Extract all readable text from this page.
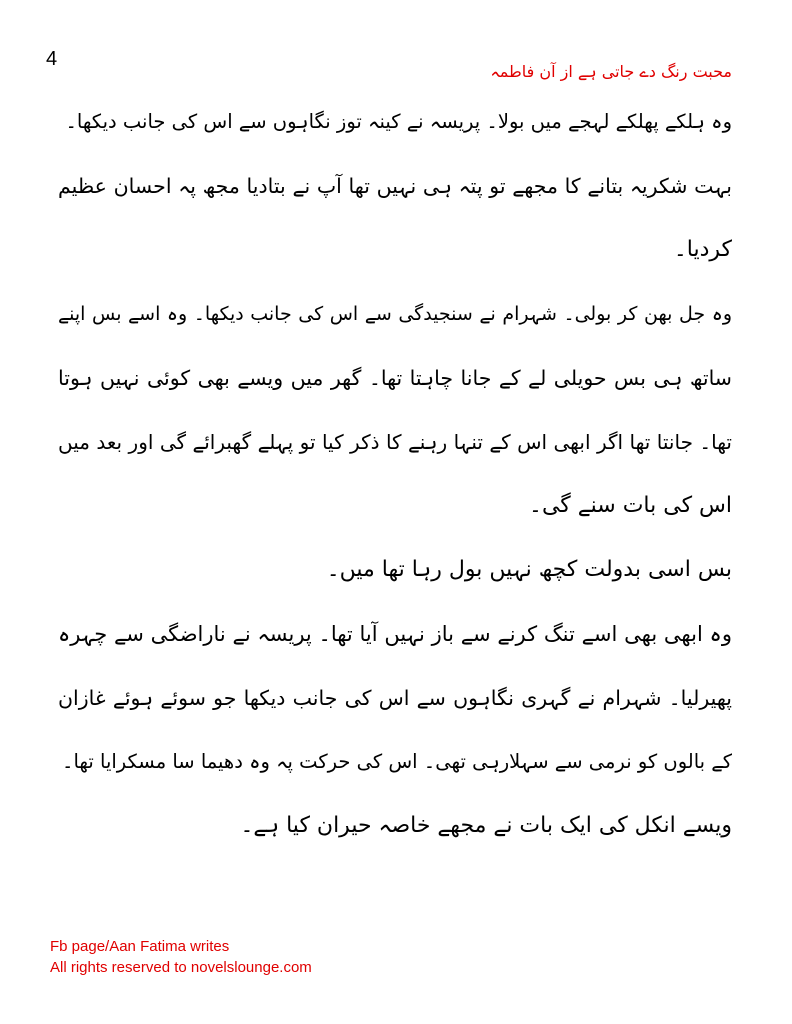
4
محبت رنگ دے جاتی ہے از آن فاطمہ
وہ ہلکے پھلکے لہجے میں بولا۔ پریسہ نے کینہ توز نگاہوں سے اس کی جانب دیکھا۔
بہت شکریہ بتانے کا مجھے تو پتہ ہی نہیں تھا آپ نے بتادیا مجھ پہ احسان عظیم
کردیا۔
وہ جل بھن کر بولی۔ شہرام نے سنجیدگی سے اس کی جانب دیکھا۔ وہ اسے بس اپنے
ساتھ ہی بس حویلی لے کے جانا چاہتا تھا۔ گھر میں ویسے بھی کوئی نہیں ہوتا
تھا۔ جانتا تھا اگر ابھی اس کے تنہا رہنے کا ذکر کیا تو پہلے گھبرائے گی اور بعد میں
اس کی بات سنے گی۔
بس اسی بدولت کچھ نہیں بول رہا تھا میں۔
وہ ابھی بھی اسے تنگ کرنے سے باز نہیں آیا تھا۔ پریسہ نے ناراضگی سے چہرہ
پھیرلیا۔ شہرام نے گہری نگاہوں سے اس کی جانب دیکھا جو سوئے ہوئے غازان
کے بالوں کو نرمی سے سہلارہی تھی۔ اس کی حرکت پہ وہ دھیما سا مسکرایا تھا۔
ویسے انکل کی ایک بات نے مجھے خاصہ حیران کیا ہے۔
Fb page/Aan Fatima writes
All rights reserved to novelslounge.com
